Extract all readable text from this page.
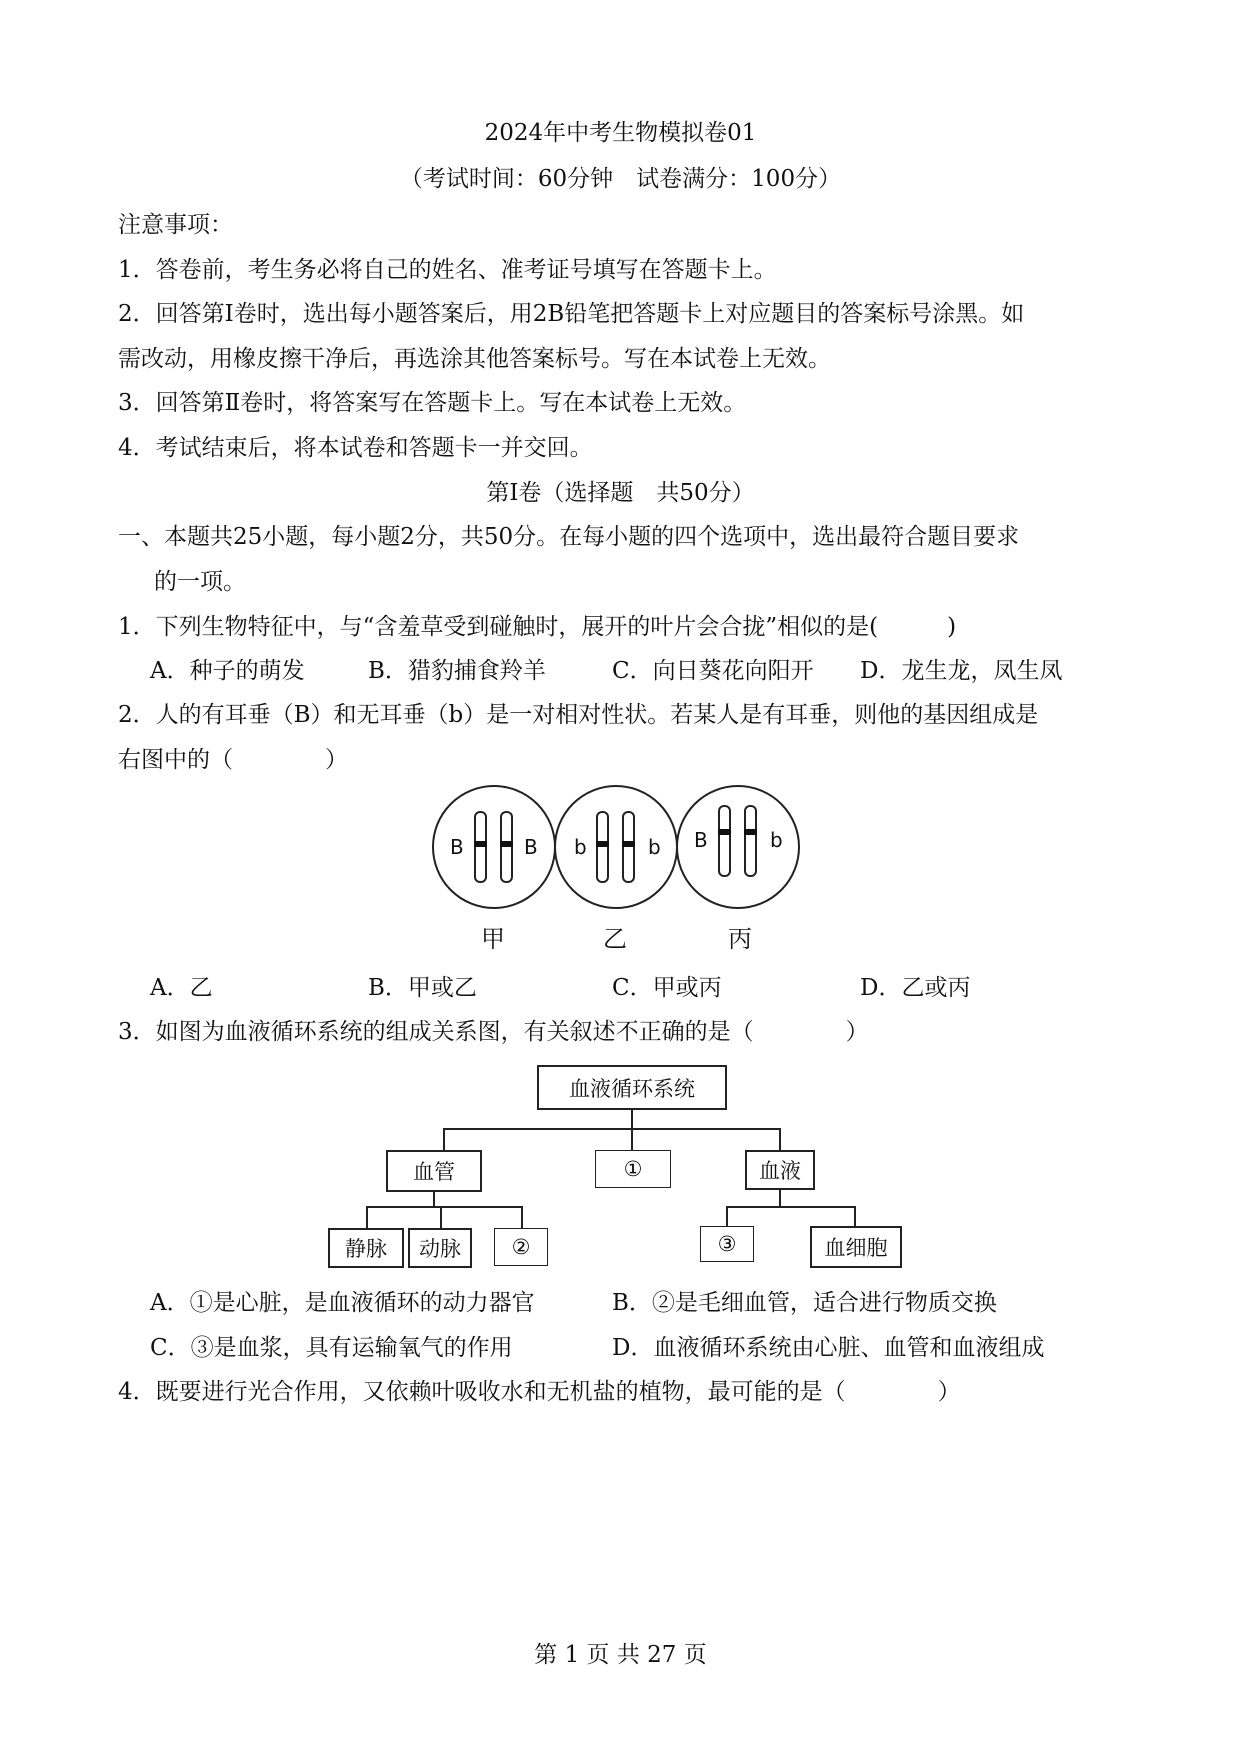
2024年中考生物模拟卷01
（考试时间：60分钟　试卷满分：100分）
注意事项：
1．答卷前，考生务必将自己的姓名、准考证号填写在答题卡上。
2．回答第Ⅰ卷时，选出每小题答案后，用2B铅笔把答题卡上对应题目的答案标号涂黑。如
需改动，用橡皮擦干净后，再选涂其他答案标号。写在本试卷上无效。
3．回答第Ⅱ卷时，将答案写在答题卡上。写在本试卷上无效。
4．考试结束后，将本试卷和答题卡一并交回。
第Ⅰ卷（选择题　共50分）
一、本题共25小题，每小题2分，共50分。在每小题的四个选项中，选出最符合题目要求
的一项。
1．下列生物特征中，与“含羞草受到碰触时，展开的叶片会合拢”相似的是(　　　)
A．种子的萌发	B．猎豹捕食羚羊	C．向日葵花向阳开 D．龙生龙，凤生凤
2．人的有耳垂（B）和无耳垂（b）是一对相对性状。若某人是有耳垂，则他的基因组成是
右图中的（　　　　）
B	B b	b B	b
甲	乙	丙
A．乙	B．甲或乙	C．甲或丙	D．乙或丙
3．如图为血液循环系统的组成关系图，有关叙述不正确的是（　　　　）
血液循环系统
血管	①	血液
静脉	动脉	②	③	血细胞
A．①是心脏，是血液循环的动力器官	B．②是毛细血管，适合进行物质交换
C．③是血浆，具有运输氧气的作用	D．血液循环系统由心脏、血管和血液组成
4．既要进行光合作用，又依赖叶吸收水和无机盐的植物，最可能的是（　　　　）
第 1 页 共 27 页
